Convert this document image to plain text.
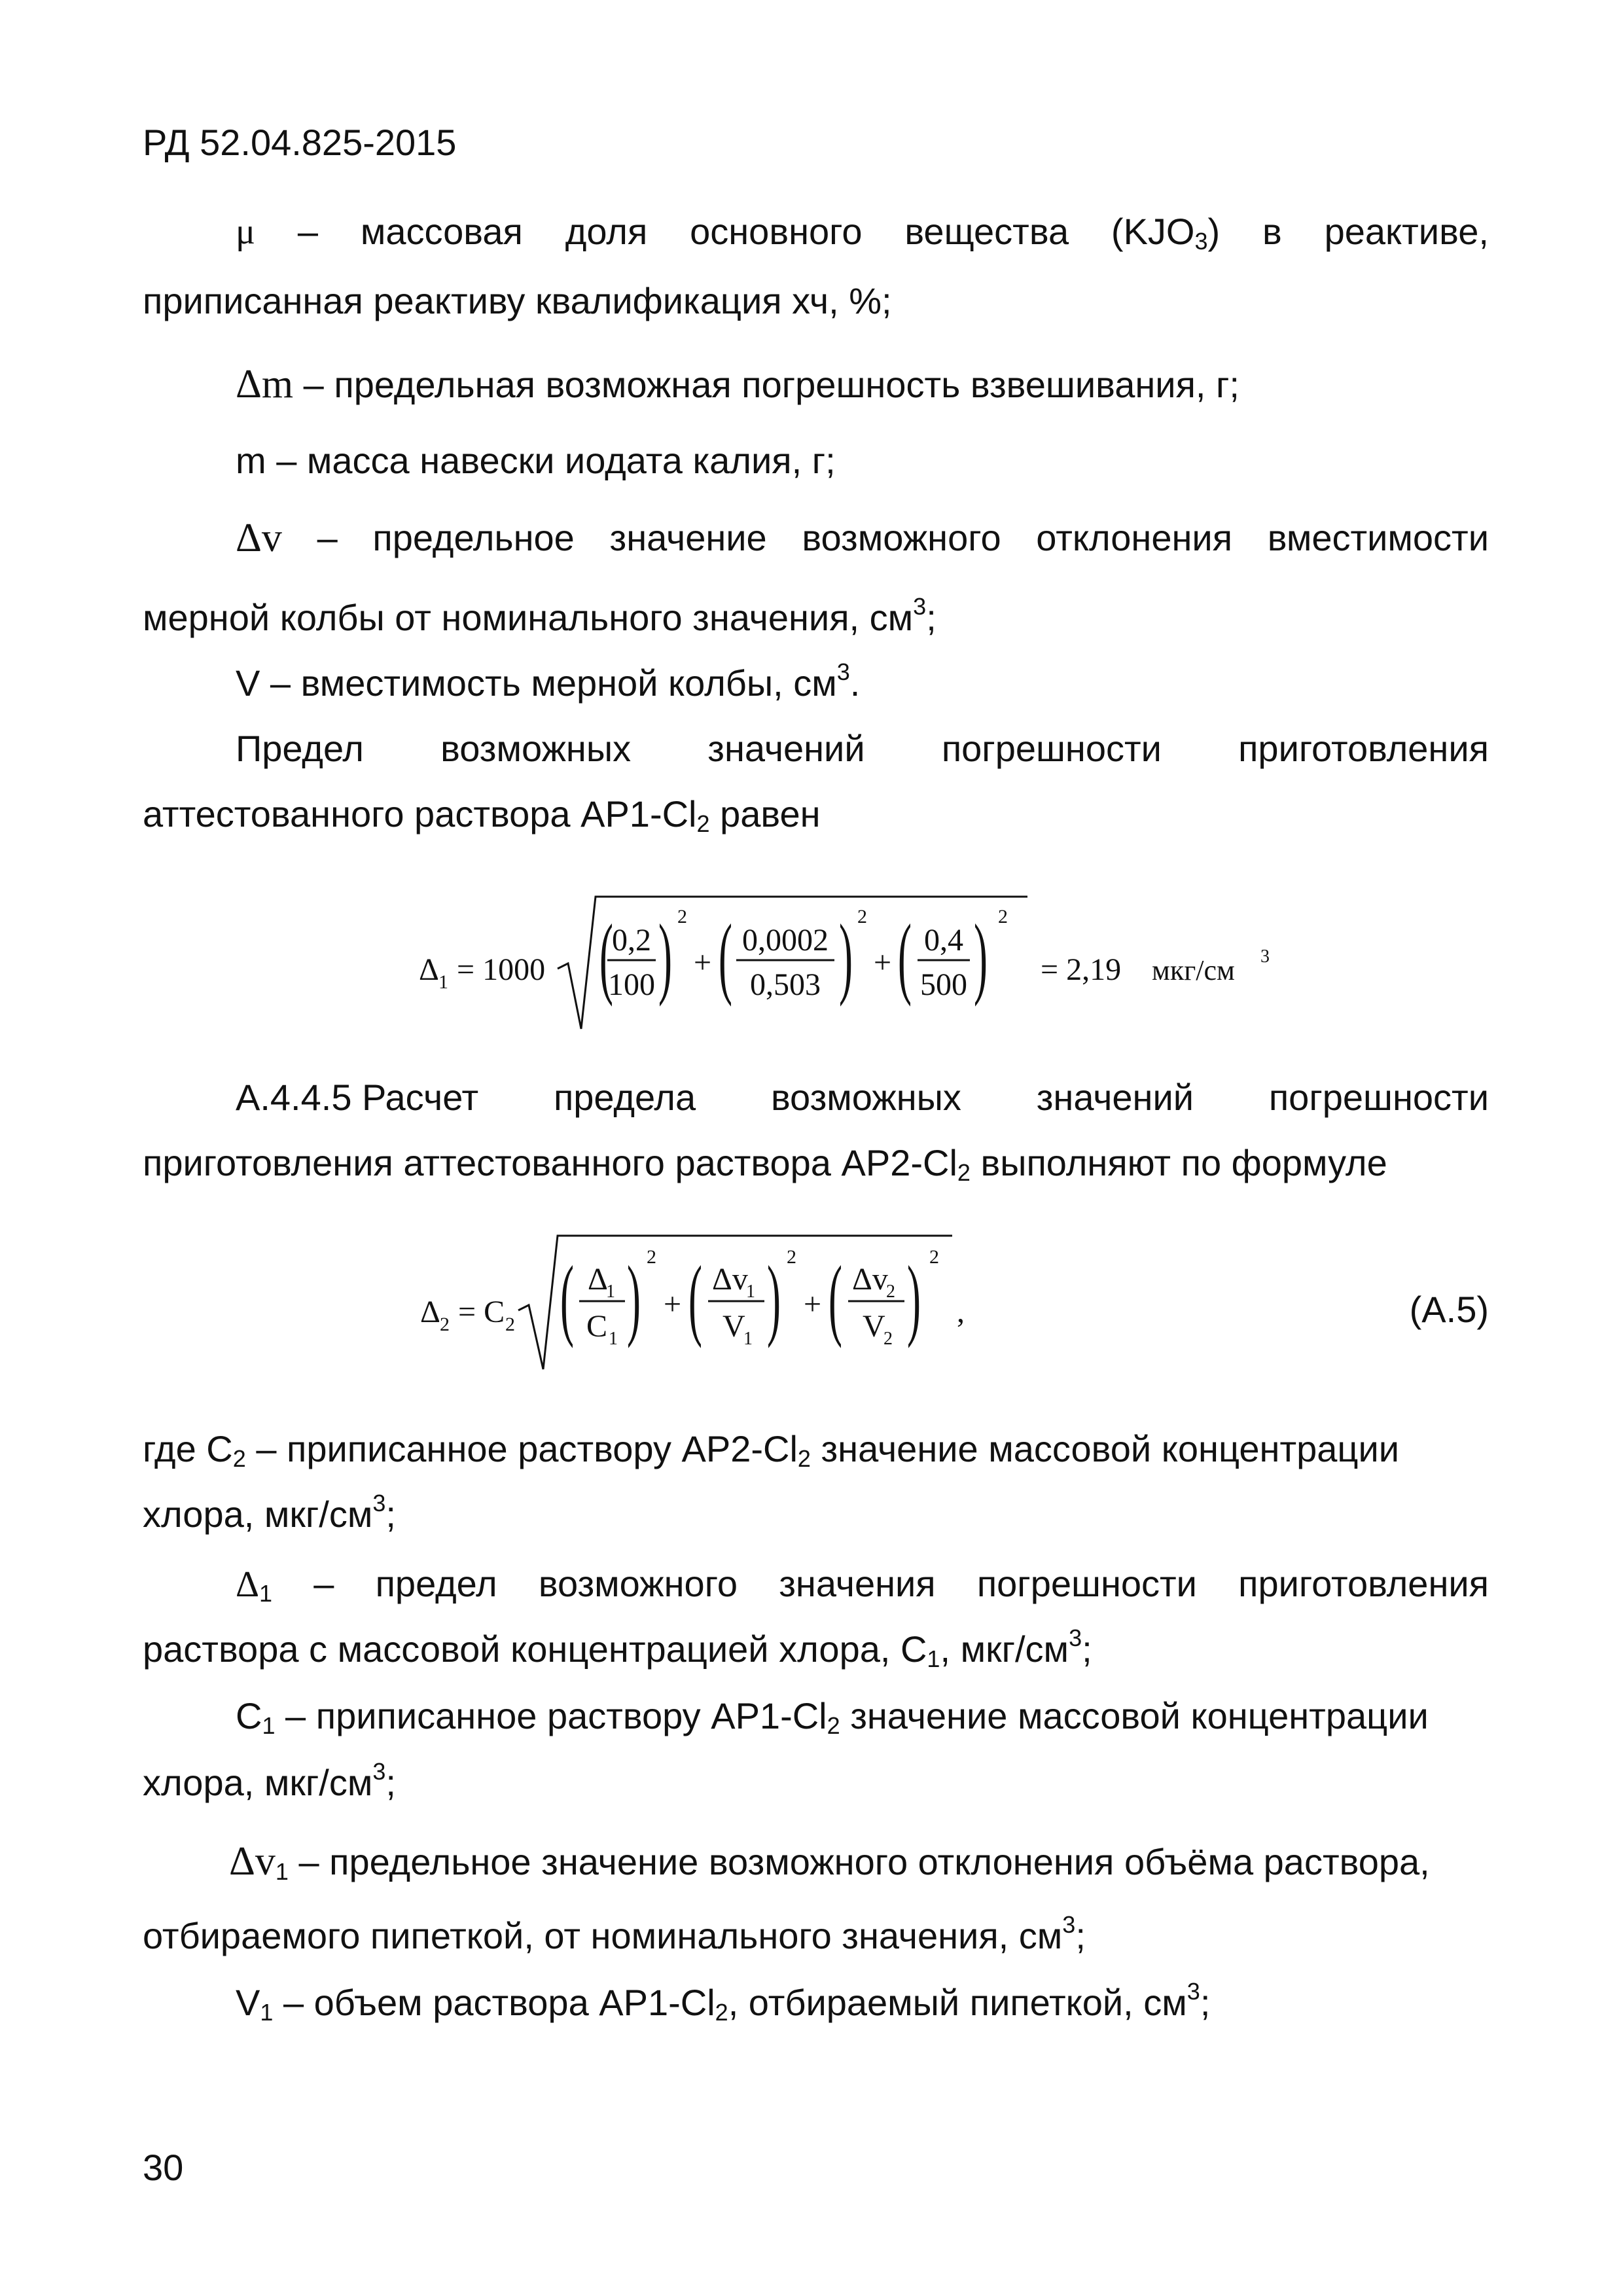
РД 52.04.825-2015
μ – массовая доля основного вещества $(KJO_3)$ в реактиве,
приписанная реактиву квалификация хч, %;
Δm – предельная возможная погрешность взвешивания, г;
m – масса навески иодата калия, г;
Δv – предельное значение возможного отклонения вместимости
мерной колбы от номинального значения, $см^3$;
V – вместимость мерной колбы, $см^3$.
Предел возможных значений погрешности приготовления
аттестованного раствора $АР1-Cl_2$ равен
Δ 1 = 1000 (
0,2
100 ) 2
+ ( 0,0002
0,503 ) 2
+ ( 0,4
500 ) 2
= 2,19 мкг/см 3
А.4.4.5 Расчет предела возможных значений погрешности
приготовления аттестованного раствора $АР2-Cl_2$ выполняют по формуле
Δ 2 = C 2 ( Δ
1
C 1 ) 2
+ ( Δv
1
V
1 ) 2
+ ( Δv
2
V
2 ) 2
,	(А.5)
где $C_2$ – приписанное раствору $АР2-Cl_2$ значение массовой концентрации
хлора, мкг/$см^3$;
$\Delta_1$ – предел возможного значения погрешности приготовления
раствора с массовой концентрацией хлора, $C_1$, мкг/$см^3$;
$C_1$ – приписанное раствору $АР1-Cl_2$ значение массовой концентрации
хлора, мкг/$см^3$;
$\Delta v_1$ – предельное значение возможного отклонения объёма раствора,
отбираемого пипеткой, от номинального значения, $см^3$;
$V_1$ – объем раствора $АР1-Cl_2$, отбираемый пипеткой, $см^3$;
30
